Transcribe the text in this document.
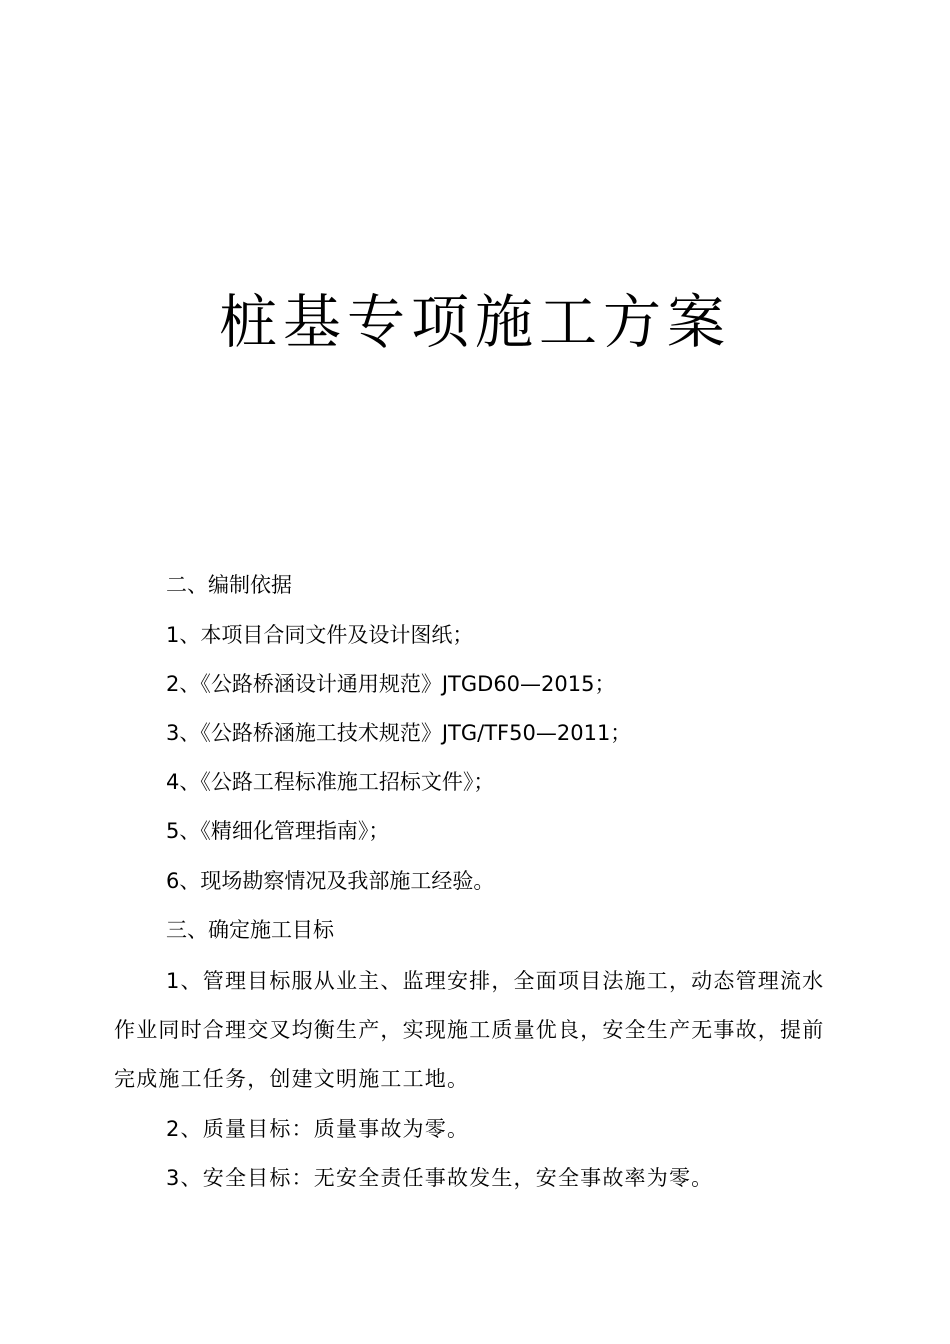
桩基专项施工方案

二、编制依据

1、本项目合同文件及设计图纸；

2、《公路桥涵设计通用规范》JTGD60—2015；

3、《公路桥涵施工技术规范》JTG/TF50—2011；

4、《公路工程标准施工招标文件》；

5、《精细化管理指南》；

6、现场勘察情况及我部施工经验。

三、确定施工目标

1、管理目标服从业主、监理安排，全面项目法施工，动态管理流水作业同时合理交叉均衡生产，实现施工质量优良，安全生产无事故，提前完成施工任务，创建文明施工工地。

2、质量目标：质量事故为零。

3、安全目标：无安全责任事故发生，安全事故率为零。
